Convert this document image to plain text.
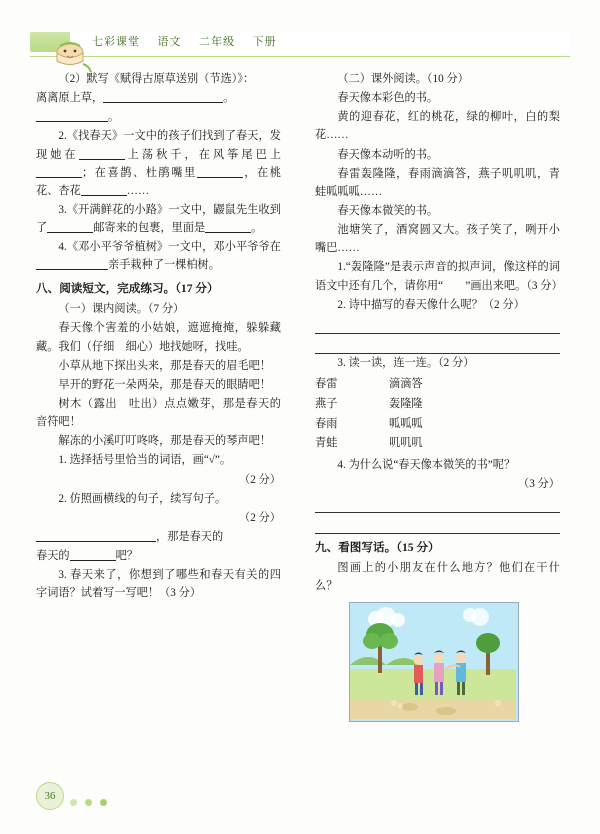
七彩课堂 语文 二年级 下册

（2）默写《赋得古原草送别（节选）》：

离离原上草，	。

。

2.《找春天》一文中的孩子们找到了春天，发现她在	上荡秋千，在风筝尾巴上；在喜鹊、杜鹃嘴里	，在桃花、杏花	……

3.《开满鲜花的小路》一文中，鼹鼠先生收到了	邮寄来的包裹，里面是	。

4.《邓小平爷爷植树》一文中，邓小平爷爷在亲手栽种了一棵柏树。

八、阅读短文，完成练习。（17 分）

（一）课内阅读。（7 分）

春天像个害羞的小姑娘，遮遮掩掩，躲躲藏藏。我们（仔细　细心）地找她呀，找哇。

小草从地下探出头来，那是春天的眉毛吧！

早开的野花一朵两朵，那是春天的眼睛吧！

树木（露出　吐出）点点嫩芽，那是春天的音符吧！

解冻的小溪叮叮咚咚，那是春天的琴声吧！

1. 选择括号里恰当的词语，画“√”。

（2 分）

2. 仿照画横线的句子，续写句子。

（2 分）

，那是春天的

春天的	吧？

3. 春天来了，你想到了哪些和春天有关的四字词语？试着写一写吧！（3 分）

（二）课外阅读。（10 分）

春天像本彩色的书。

黄的迎春花，红的桃花，绿的柳叶，白的梨花……

春天像本动听的书。

春雷轰隆隆，春雨滴滴答，燕子叽叽叽，青蛙呱呱呱……

春天像本微笑的书。

池塘笑了，酒窝圆又大。孩子笑了，咧开小嘴巴……

1.“轰隆隆”是表示声音的拟声词，像这样的词语文中还有几个，请你用“　　”画出来吧。（3 分）

2. 诗中描写的春天像什么呢？（2 分）

3. 读一读，连一连。（2 分）

春雷	滴滴答
燕子	轰隆隆
春雨	呱呱呱
青蛙	叽叽叽

4. 为什么说“春天像本微笑的书”呢？

（3 分）

九、看图写话。（15 分）

图画上的小朋友在什么地方？他们在干什么？

36
